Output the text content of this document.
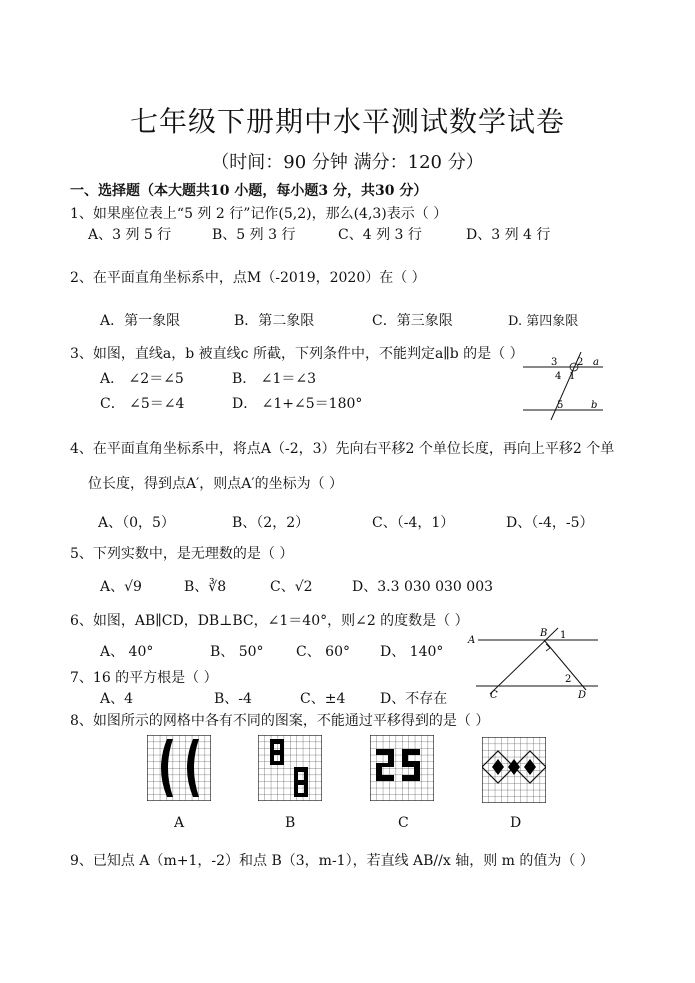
七年级下册期中水平测试数学试卷
（时间：90 分钟 满分：120 分）
一、选择题（本大题共10 小题，每小题3 分，共30 分）
1、如果座位表上“5 列 2 行”记作(5,2)，那么(4,3)表示（ ）
A、3 列 5 行	B、5 列 3 行	C、4 列 3 行	D、3 列 4 行
2、在平面直角坐标系中，点M（-2019，2020）在（ ）
A．第一象限	B．第二象限	C．第三象限	D. 第四象限
3、如图，直线a，b 被直线c 所截，下列条件中，不能判定a∥b 的是（ ）
A． ∠2＝∠5	B． ∠1＝∠3
C． ∠5＝∠4	D． ∠1+∠5＝180°
3 2 a
4 1
5	b
4、在平面直角坐标系中，将点A（-2，3）先向右平移2 个单位长度，再向上平移2 个单
位长度，得到点A′，则点A′的坐标为（ ）
A、（0，5）	B、（2，2）	C、（-4，1）	D、（-4，-5）
5、下列实数中，是无理数的是（ ）
A、√9	B、∛8	C、√2	D、3.3 030 030 003
6、如图，AB∥CD，DB⊥BC，∠1＝40°，则∠2 的度数是（ ）
A、 40°	B、 50° C、 60° D、 140°
A
B 1
2
C	D
7、16 的平方根是（ ）
A、4	B、-4	C、±4 D、不存在
8、如图所示的网格中各有不同的图案，不能通过平移得到的是（ ）
A	B	C	D
9、已知点 A（m+1，-2）和点 B（3，m-1），若直线 AB//x 轴，则 m 的值为（ ）
